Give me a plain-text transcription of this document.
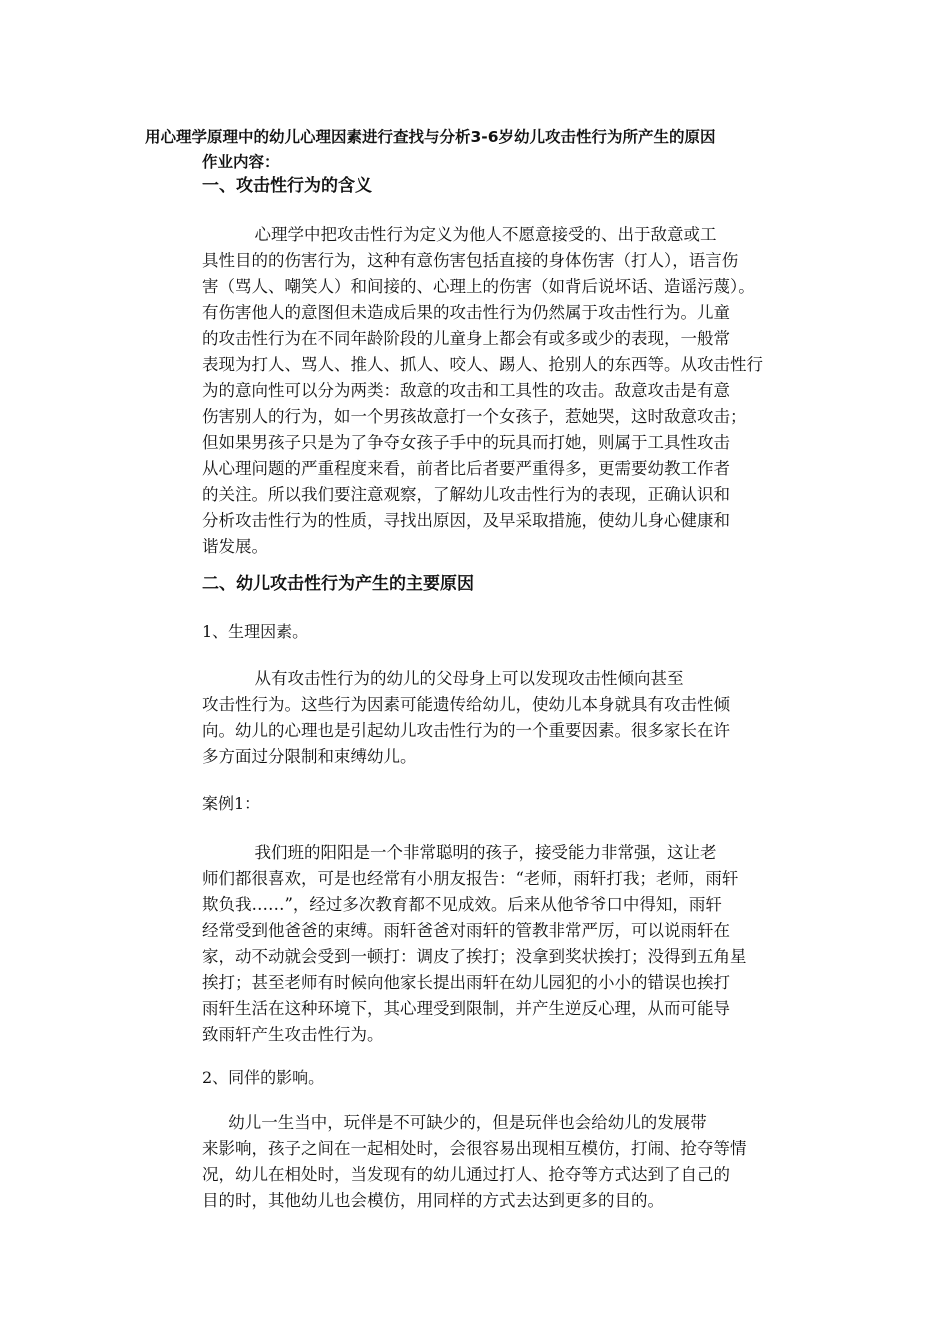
用心理学原理中的幼儿心理因素进行查找与分析3-6岁幼儿攻击性行为所产生的原因
作业内容：
一、攻击性行为的含义
心理学中把攻击性行为定义为他人不愿意接受的、出于敌意或工
具性目的的伤害行为，这种有意伤害包括直接的身体伤害（打人），语言伤
害（骂人、嘲笑人）和间接的、心理上的伤害（如背后说坏话、造谣污蔑）。
有伤害他人的意图但未造成后果的攻击性行为仍然属于攻击性行为。儿童
的攻击性行为在不同年龄阶段的儿童身上都会有或多或少的表现，一般常
表现为打人、骂人、推人、抓人、咬人、踢人、抢别人的东西等。从攻击性行
为的意向性可以分为两类：敌意的攻击和工具性的攻击。敌意攻击是有意
伤害别人的行为，如一个男孩故意打一个女孩子，惹她哭，这时敌意攻击；
但如果男孩子只是为了争夺女孩子手中的玩具而打她，则属于工具性攻击
从心理问题的严重程度来看，前者比后者要严重得多，更需要幼教工作者
的关注。所以我们要注意观察，了解幼儿攻击性行为的表现，正确认识和
分析攻击性行为的性质，寻找出原因，及早采取措施，使幼儿身心健康和
谐发展。
二、幼儿攻击性行为产生的主要原因
1、生理因素。
从有攻击性行为的幼儿的父母身上可以发现攻击性倾向甚至
攻击性行为。这些行为因素可能遗传给幼儿，使幼儿本身就具有攻击性倾
向。幼儿的心理也是引起幼儿攻击性行为的一个重要因素。很多家长在许
多方面过分限制和束缚幼儿。
案例1：
我们班的阳阳是一个非常聪明的孩子，接受能力非常强，这让老
师们都很喜欢，可是也经常有小朋友报告：“老师，雨轩打我；老师，雨轩
欺负我……”，经过多次教育都不见成效。后来从他爷爷口中得知，雨轩
经常受到他爸爸的束缚。雨轩爸爸对雨轩的管教非常严厉，可以说雨轩在
家，动不动就会受到一顿打：调皮了挨打；没拿到奖状挨打；没得到五角星
挨打；甚至老师有时候向他家长提出雨轩在幼儿园犯的小小的错误也挨打
雨轩生活在这种环境下，其心理受到限制，并产生逆反心理，从而可能导
致雨轩产生攻击性行为。
2、同伴的影响。
幼儿一生当中，玩伴是不可缺少的，但是玩伴也会给幼儿的发展带
来影响，孩子之间在一起相处时，会很容易出现相互模仿，打闹、抢夺等情
况，幼儿在相处时，当发现有的幼儿通过打人、抢夺等方式达到了自己的
目的时，其他幼儿也会模仿，用同样的方式去达到更多的目的。
